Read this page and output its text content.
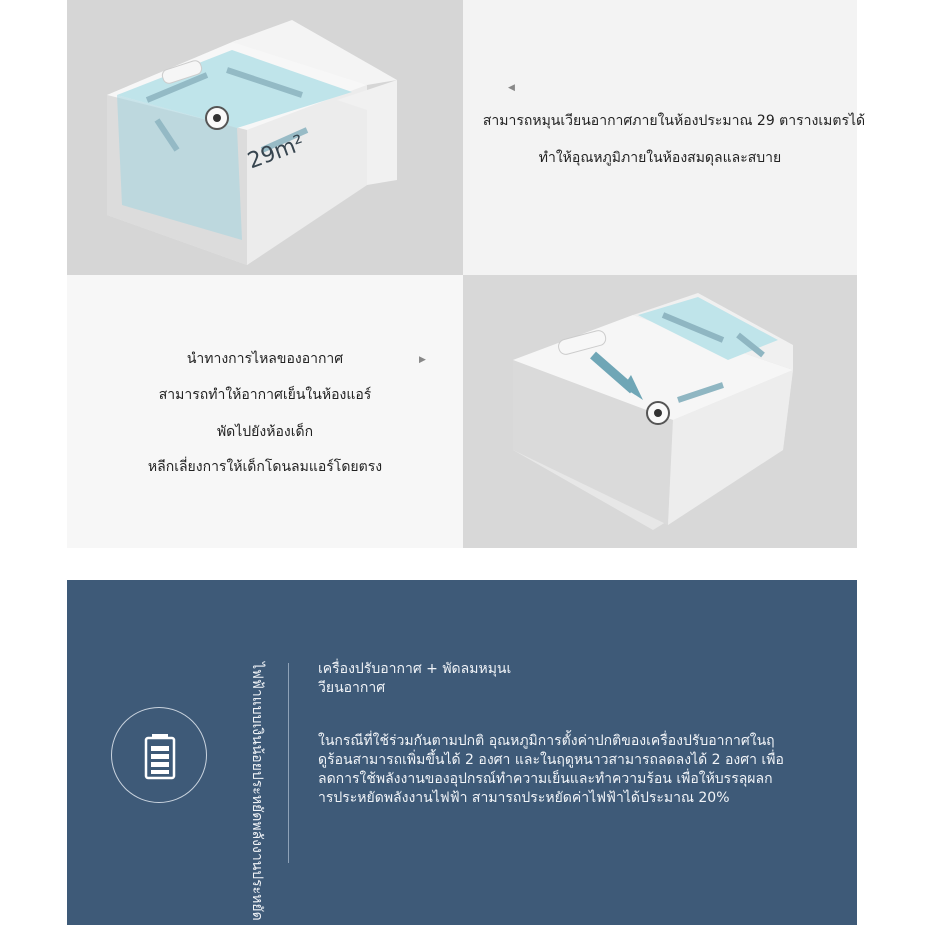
29m²
◀
สามารถหมุนเวียนอากาศภายในห้องประมาณ 29 ตารางเมตรได้
ทำให้อุณหภูมิภายในห้องสมดุลและสบาย
นำทางการไหลของอากาศ
สามารถทำให้อากาศเย็นในห้องแอร์
พัดไปยังห้องเด็ก
หลีกเลี่ยงการให้เด็กโดนลมแอร์โดยตรง
▶
ไฟฟ้าแบบเงินน้อยประหยัดพลังงานประหยัด	เครื่องปรับอากาศ + พัดลมหมุนเ
วียนอากาศ
ในกรณีที่ใช้ร่วมกันตามปกติ อุณหภูมิการตั้งค่าปกติของเครื่องปรับอากาศในฤ
ดูร้อนสามารถเพิ่มขึ้นได้ 2 องศา และในฤดูหนาวสามารถลดลงได้ 2 องศา เพื่อ
ลดการใช้พลังงานของอุปกรณ์ทำความเย็นและทำความร้อน เพื่อให้บรรลุผลก
ารประหยัดพลังงานไฟฟ้า สามารถประหยัดค่าไฟฟ้าได้ประมาณ 20%
